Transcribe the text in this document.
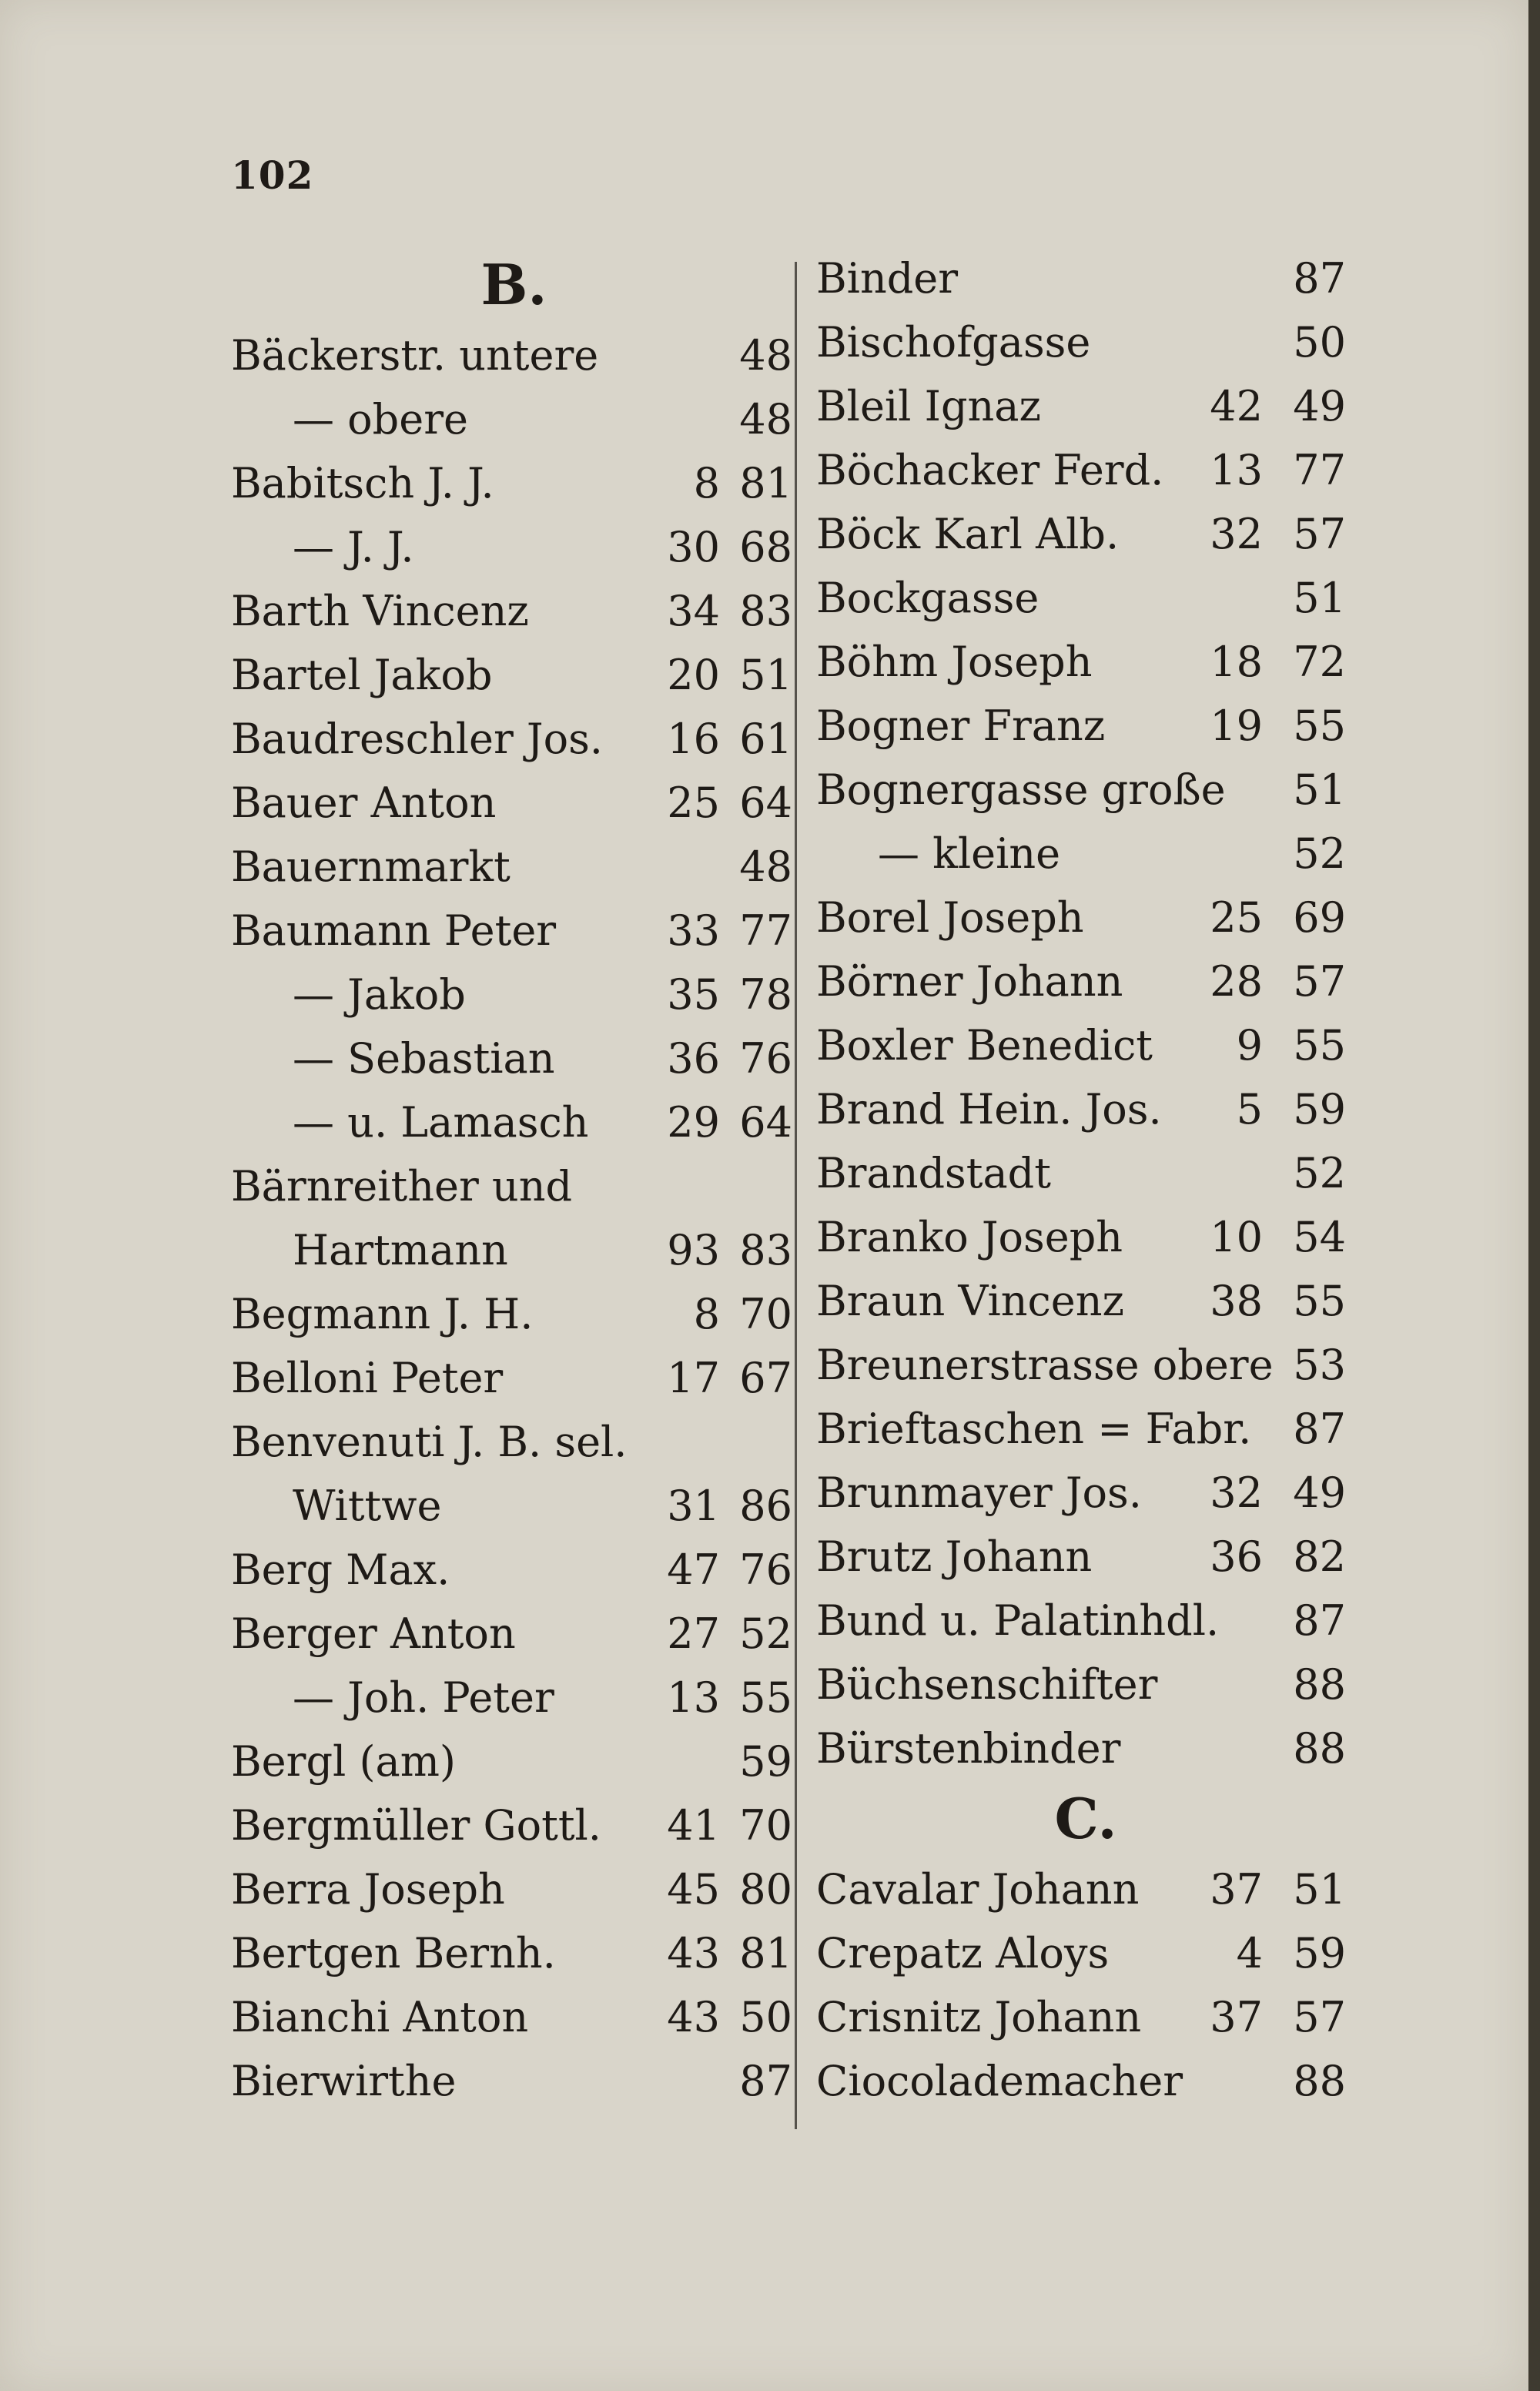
102
B.
Bäckerstr. untere	48
— obere	48
Babitsch J. J.	8 81
— J. J.	30 68
Barth Vincenz	34 83
Bartel Jakob	20 51
Baudreschler Jos.	16 61
Bauer Anton	25 64
Bauernmarkt	48
Baumann Peter	33 77
— Jakob	35 78
— Sebastian	36 76
— u. Lamasch	29 64
Bärnreither und
Hartmann	93 83
Begmann J. H.	8 70
Belloni Peter	17 67
Benvenuti J. B. sel.
Wittwe	31 86
Berg Max.	47 76
Berger Anton	27 52
— Joh. Peter	13 55
Bergl (am)	59
Bergmüller Gottl.	41 70
Berra Joseph	45 80
Bertgen Bernh.	43 81
Bianchi Anton	43 50
Bierwirthe	87
Binder	87
Bischofgasse	50
Bleil Ignaz	42 49
Böchacker Ferd.	13 77
Böck Karl Alb.	32 57
Bockgasse	51
Böhm Joseph	18 72
Bogner Franz	19 55
Bognergasse große	51
— kleine	52
Borel Joseph	25 69
Börner Johann	28 57
Boxler Benedict	9 55
Brand Hein. Jos.	5 59
Brandstadt	52
Branko Joseph	10 54
Braun Vincenz	38 55
Breunerstrasse obere 53
Brieftaschen = Fabr.	87
Brunmayer Jos.	32 49
Brutz Johann	36 82
Bund u. Palatinhdl.	87
Büchsenschifter	88
Bürstenbinder	88
C.
Cavalar Johann	37 51
Crepatz Aloys	4 59
Crisnitz Johann	37 57
Ciocolademacher	88
